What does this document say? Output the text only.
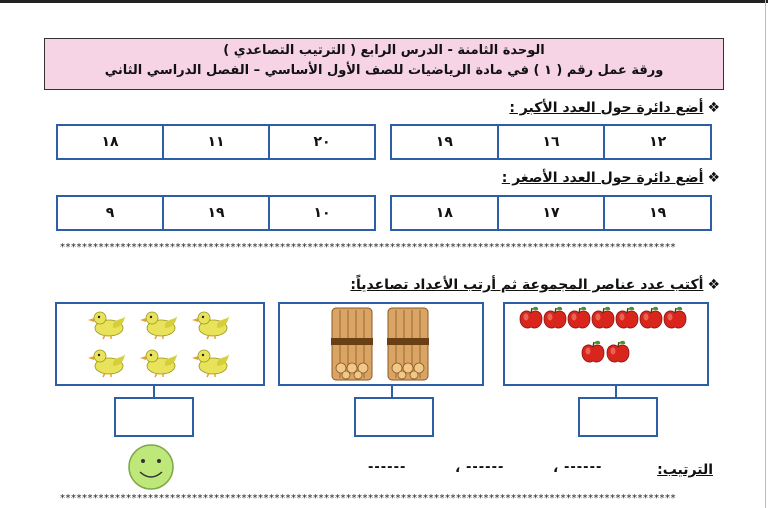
الوحدة الثامنة - الدرس الرابع ( الترتيب التصاعدي )
ورقة عمل رقم ( ١ ) في مادة الرياضيات للصف الأول الأساسي – الفصل الدراسي الثاني
❖أضع دائرة حول العدد الأكبر :
١٢
١٦
١٩
٢٠
١١
١٨
❖أضع دائرة حول العدد الأصغر :
١٩
١٧
١٨
١٠
١٩
٩
****************************************************************************************************************
❖أكتب عدد عناصر المجموعة ثم أرتب الأعداد تصاعدياً:
الترتيب:
------
،
------
،
------
****************************************************************************************************************
